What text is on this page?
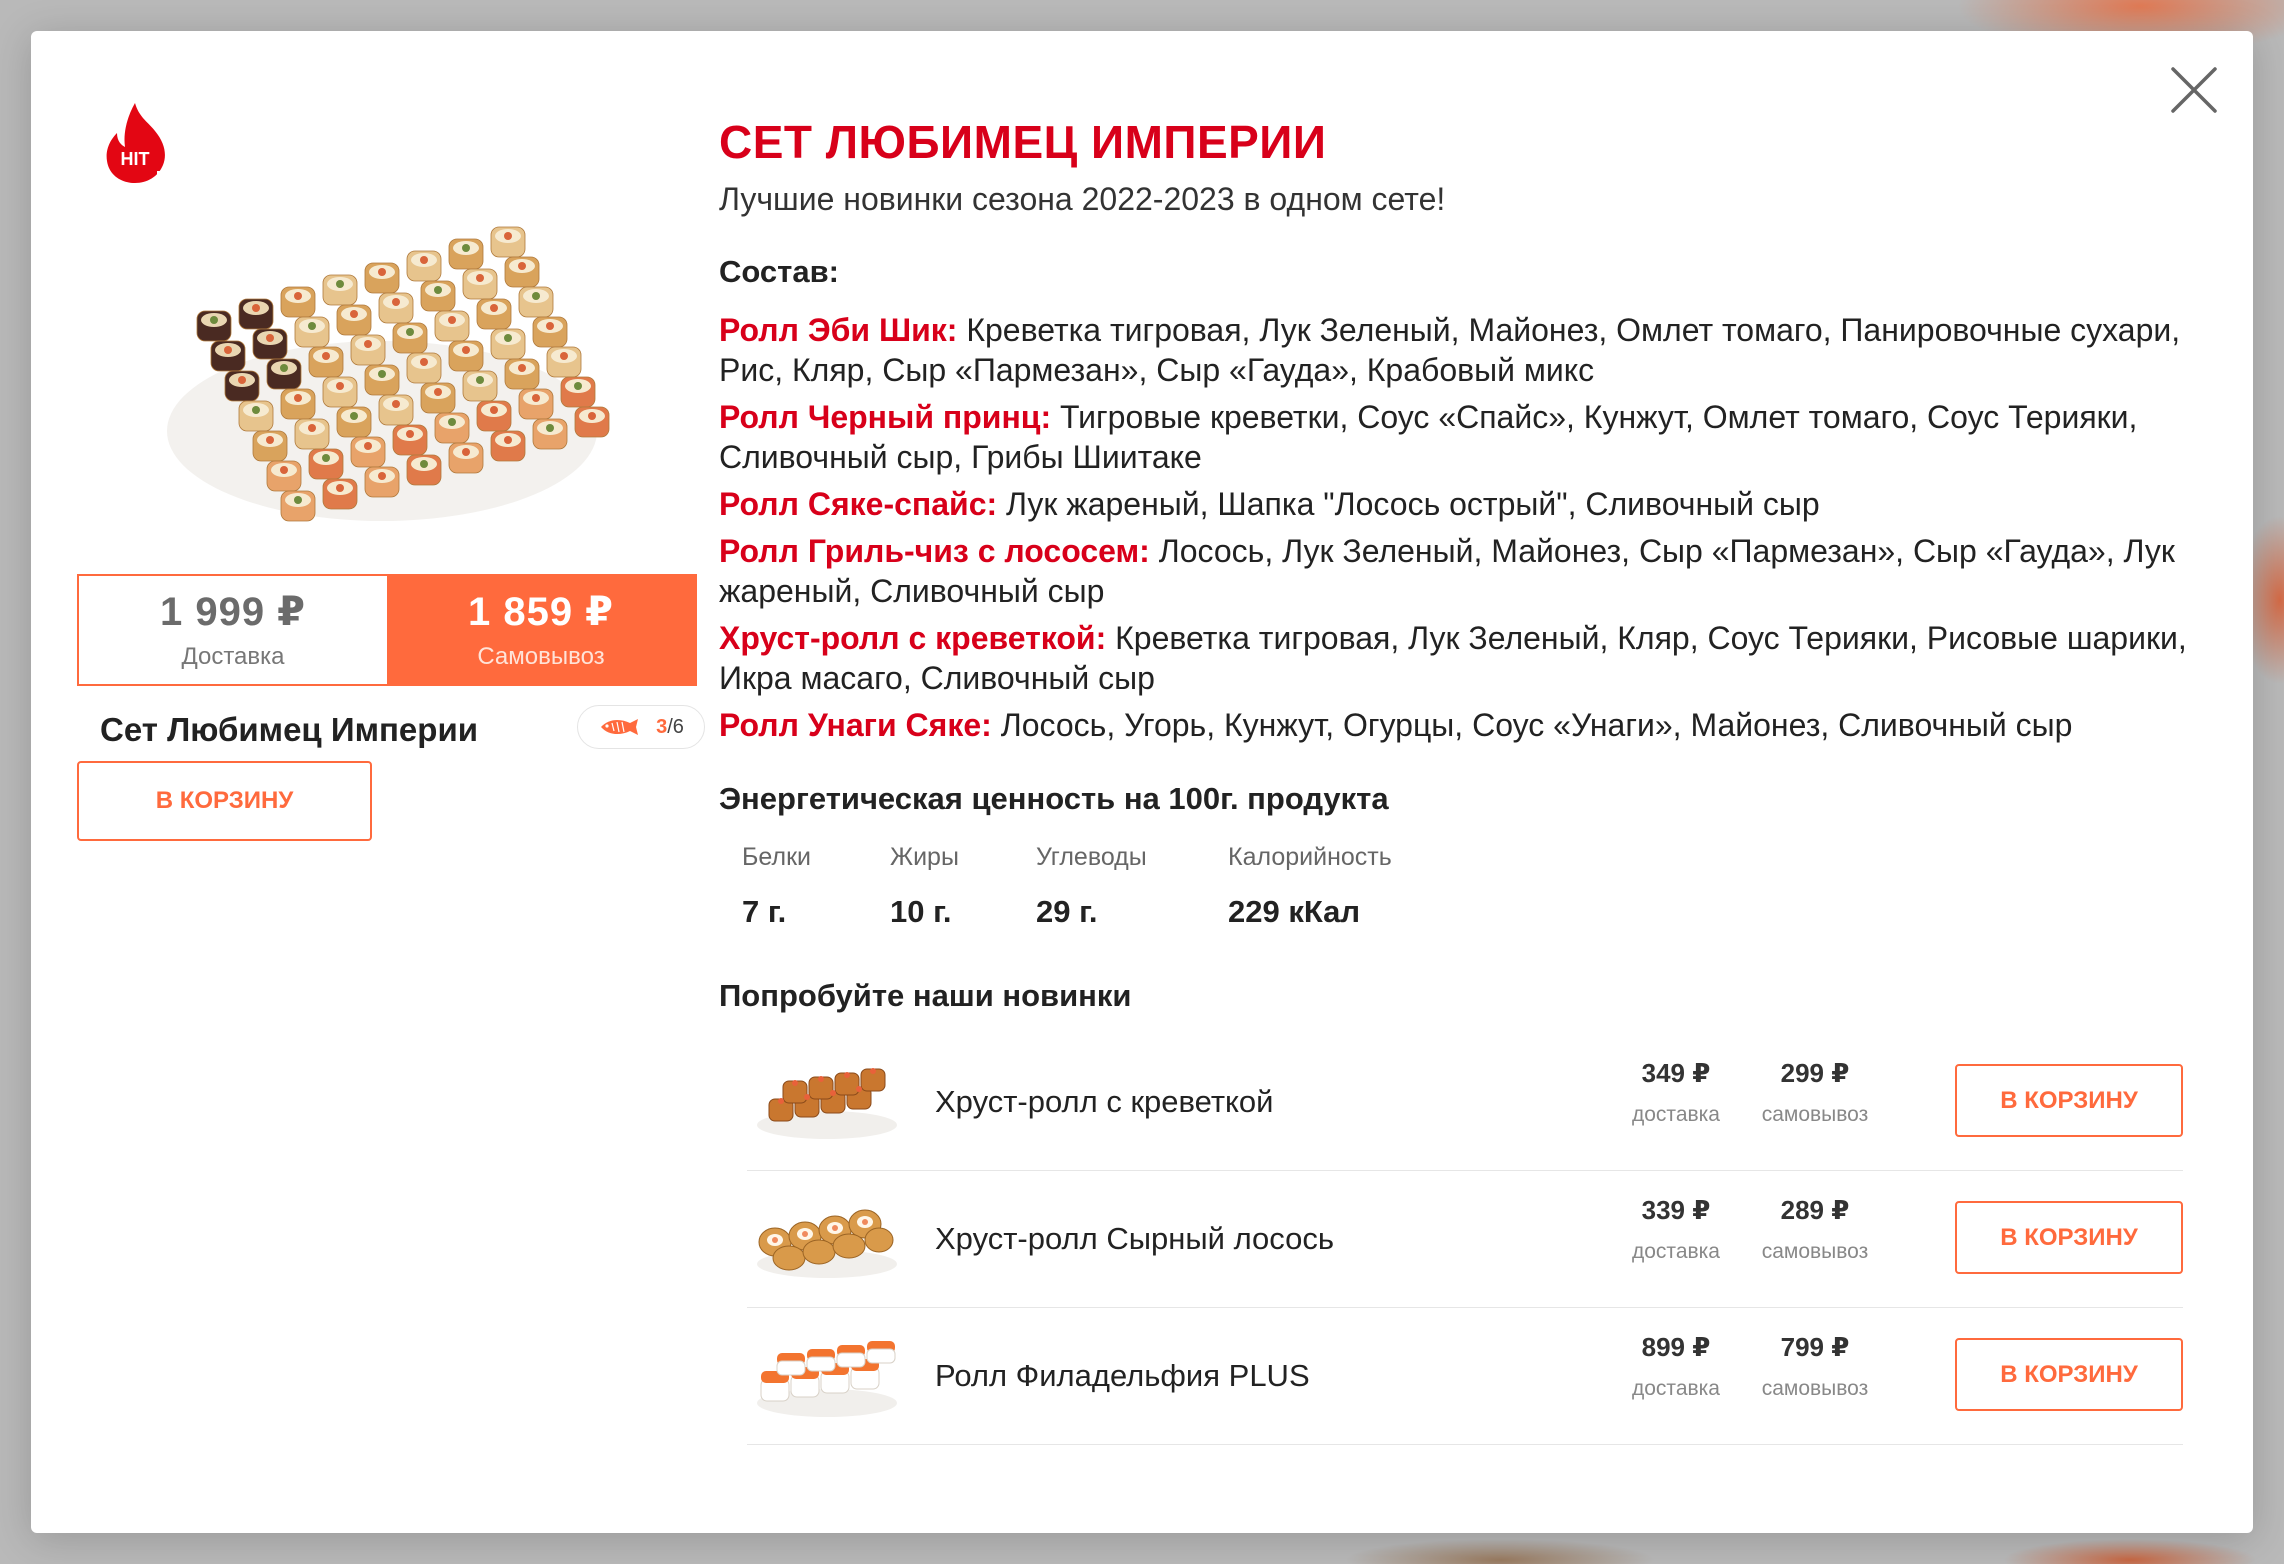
HIT
1 999 ₽
Доставка
1 859 ₽
Самовывоз
Сет Любимец Империи	3/6
В КОРЗИНУ
СЕТ ЛЮБИМЕЦ ИМПЕРИИ
Лучшие новинки сезона 2022-2023 в одном сете!
Состав:
Ролл Эби Шик: Креветка тигровая, Лук Зеленый, Майонез, Омлет томаго, Панировочные сухари, Рис, Кляр, Сыр «Пармезан», Сыр «Гауда», Крабовый микс
Ролл Черный принц: Тигровые креветки, Соус «Спайс», Кунжут, Омлет томаго, Соус Терияки, Сливочный сыр, Грибы Шиитаке
Ролл Сяке-спайс: Лук жареный, Шапка "Лосось острый", Сливочный сыр
Ролл Гриль-чиз с лососем: Лосось, Лук Зеленый, Майонез, Сыр «Пармезан», Сыр «Гауда», Лук жареный, Сливочный сыр
Хруст-ролл с креветкой: Креветка тигровая, Лук Зеленый, Кляр, Соус Терияки, Рисовые шарики, Икра масаго, Сливочный сыр
Ролл Унаги Сяке: Лосось, Угорь, Кунжут, Огурцы, Соус «Унаги», Майонез, Сливочный сыр
Энергетическая ценность на 100г. продукта
Белки
7 г.
Жиры
10 г.
Углеводы
29 г.
Калорийность
229 кКал
Попробуйте наши новинки
Хруст-ролл с креветкой
349 ₽
доставка
299 ₽
самовывоз
В КОРЗИНУ
Хруст-ролл Сырный лосось
339 ₽
доставка
289 ₽
самовывоз
В КОРЗИНУ
Ролл Филадельфия PLUS
899 ₽
доставка
799 ₽
самовывоз
В КОРЗИНУ
